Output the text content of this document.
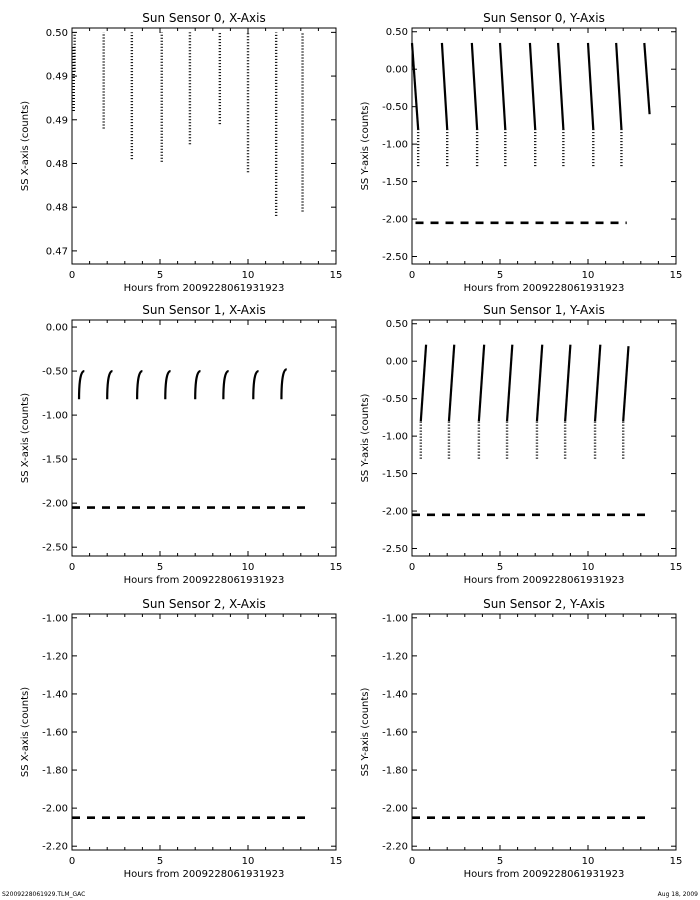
Sun Sensor 0, X-Axis
Hours from 2009228061931923
SS X-axis (counts)
0	5	10	15
0.47
0.48
0.48
0.49
0.49
0.50
Sun Sensor 0, Y-Axis
Hours from 2009228061931923
SS Y-axis (counts)
0	5	10	15
-2.50
-2.00
-1.50
-1.00
-0.50
0.00
0.50
Sun Sensor 1, X-Axis
Hours from 2009228061931923
SS X-axis (counts)
0	5	10	15
-2.50
-2.00
-1.50
-1.00
-0.50
0.00
Sun Sensor 1, Y-Axis
Hours from 2009228061931923
SS Y-axis (counts)
0	5	10	15
-2.50
-2.00
-1.50
-1.00
-0.50
0.00
0.50
Sun Sensor 2, X-Axis
Hours from 2009228061931923
SS X-axis (counts)
0	5	10	15
-2.20
-2.00
-1.80
-1.60
-1.40
-1.20
-1.00
Sun Sensor 2, Y-Axis
Hours from 2009228061931923
SS Y-axis (counts)
0	5	10	15
-2.20
-2.00
-1.80
-1.60
-1.40
-1.20
-1.00
S2009228061929.TLM_GAC	Aug 18, 2009
